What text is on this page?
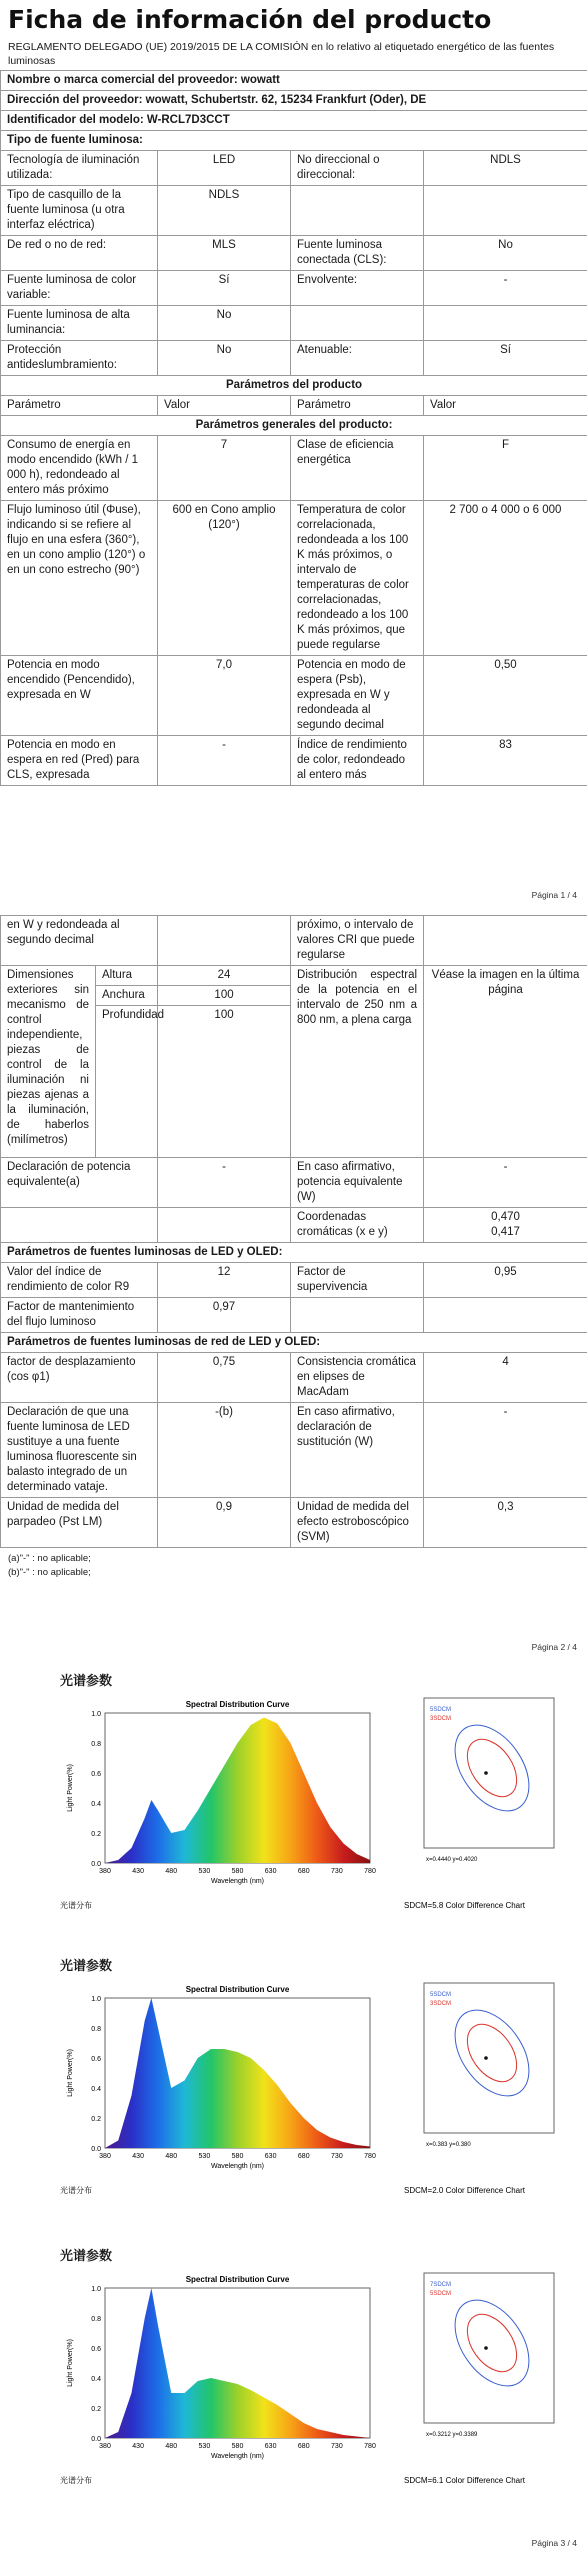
Ficha de información del producto
REGLAMENTO DELEGADO (UE) 2019/2015 DE LA COMISIÓN en lo relativo al etiquetado energético de las fuentes luminosas
Nombre o marca comercial del proveedor: wowatt			
Dirección del proveedor: wowatt, Schubertstr. 62, 15234 Frankfurt (Oder), DE			
Identificador del modelo: W-RCL7D3CCT			
Tipo de fuente luminosa:			
Tecnología de iluminación utilizada:	LED	No direccional o direccional:	NDLS
Tipo de casquillo de la fuente luminosa (u otra interfaz eléctrica)	NDLS		
De red o no de red:	MLS	Fuente luminosa conectada (CLS):	No
Fuente luminosa de color variable:	Sí	Envolvente:	-
Fuente luminosa de alta luminancia:	No		
Protección antideslumbramiento:	No	Atenuable:	Sí
Parámetros del producto			
Parámetro	Valor	Parámetro	Valor
Parámetros generales del producto:			
Consumo de energía en modo encendido (kWh / 1 000 h), redondeado al entero más próximo	7	Clase de eficiencia energética	F
Flujo luminoso útil (Φuse), indicando si se refiere al flujo en una esfera (360°), en un cono amplio (120°) o en un cono estrecho (90°)	600 en Cono amplio (120°)	Temperatura de color correlacionada, redondeada a los 100 K más próximos, o intervalo de temperaturas de color correlacionadas, redondeado a los 100 K más próximos, que puede regularse	2 700 o 4 000 o 6 000
Potencia en modo encendido (Pencendido), expresada en W	7,0	Potencia en modo de espera (Psb), expresada en W y redondeada al segundo decimal	0,50
Potencia en modo en espera en red (Pred) para CLS, expresada	-	Índice de rendimiento de color, redondeado al entero más	83
Página 1 / 4
en W y redondeada al segundo decimal			próximo, o intervalo de valores CRI que puede regularse	
Dimensiones exteriores sin mecanismo de control independiente, piezas de control de la iluminación ni piezas ajenas a la iluminación, de haberlos (milímetros)	Altura	24	Distribución espectral de la potencia en el intervalo de 250 nm a 800 nm, a plena carga	Véase la imagen en la última página
	Anchura	100		
	Profundidad	100		
Declaración de potencia equivalente(a)		-	En caso afirmativo, potencia equivalente (W)	-
			Coordenadas cromáticas (x e y)	0,470
0,417
Parámetros de fuentes luminosas de LED y OLED:				
Valor del índice de rendimiento de color R9		12	Factor de supervivencia	0,95
Factor de mantenimiento del flujo luminoso		0,97		
Parámetros de fuentes luminosas de red de LED y OLED:				
factor de desplazamiento (cos φ1)		0,75	Consistencia cromática en elipses de MacAdam	4
Declaración de que una fuente luminosa de LED sustituye a una fuente luminosa fluorescente sin balasto integrado de un determinado vataje.		-(b)	En caso afirmativo, declaración de sustitución (W)	-
Unidad de medida del parpadeo (Pst LM)		0,9	Unidad de medida del efecto estroboscópico (SVM)	0,3
(a)"-" : no aplicable;
(b)"-" : no aplicable;
Página 2 / 4
光谱参数
380	430	480	530	580	630	680	730	780
0.0
0.2
0.4
0.6
0.8
1.0
Spectral Distribution Curve
Wavelength (nm)
Light Power(%)
光谱分布
5SDCM
3SDCM
x=0.4440 y=0.4020
SDCM=5.8 Color Difference Chart
光谱参数
380	430	480	530	580	630	680	730	780
0.0
0.2
0.4
0.6
0.8
1.0
Spectral Distribution Curve
Wavelength (nm)
Light Power(%)
光谱分布
5SDCM
3SDCM
x=0.383 y=0.380
SDCM=2.0 Color Difference Chart
光谱参数
380	430	480	530	580	630	680	730	780
0.0
0.2
0.4
0.6
0.8
1.0
Spectral Distribution Curve
Wavelength (nm)
Light Power(%)
光谱分布
7SDCM
5SDCM
x=0.3212 y=0.3389
SDCM=6.1 Color Difference Chart
Página 3 / 4
